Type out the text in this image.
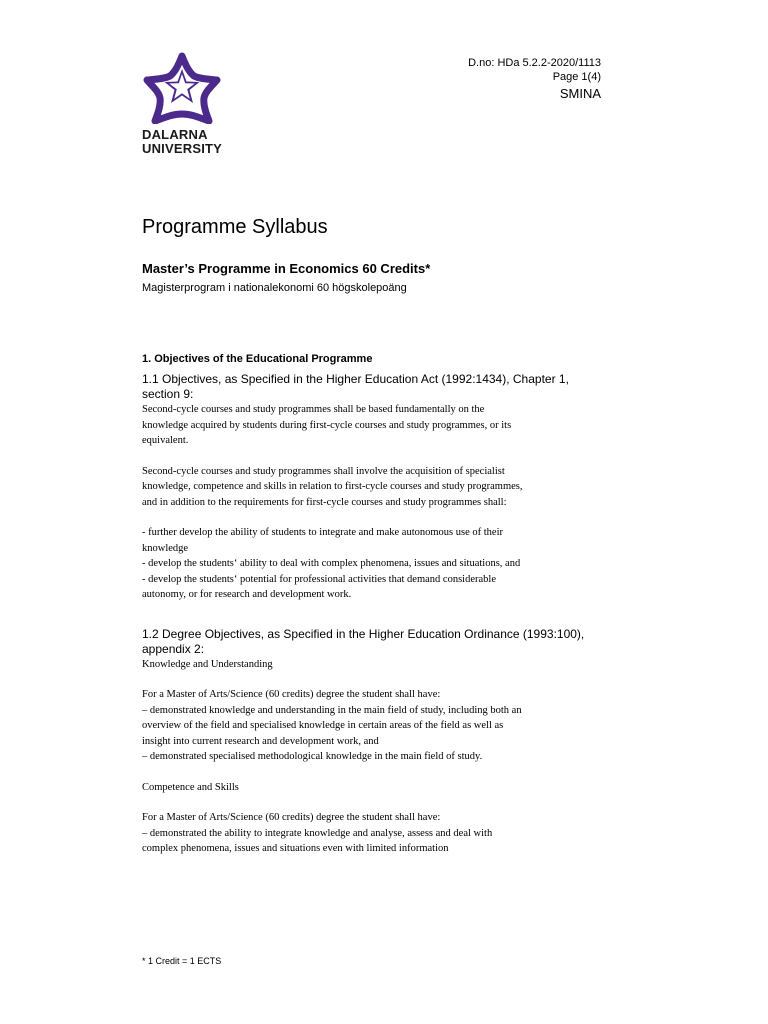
DALARNA
UNIVERSITY
D.no: HDa 5.2.2-2020/1113
Page 1(4)
SMINA
Programme Syllabus

Master’s Programme in Economics 60 Credits*

Magisterprogram i nationalekonomi 60 högskolepoäng

1. Objectives of the Educational Programme

1.1 Objectives, as Specified in the Higher Education Act (1992:1434), Chapter 1,

section 9:

Second-cycle courses and study programmes shall be based fundamentally on the

knowledge acquired by students during first-cycle courses and study programmes, or its

equivalent.

Second-cycle courses and study programmes shall involve the acquisition of specialist

knowledge, competence and skills in relation to first-cycle courses and study programmes,

and in addition to the requirements for first-cycle courses and study programmes shall:

- further develop the ability of students to integrate and make autonomous use of their

knowledge

- develop the students‘ ability to deal with complex phenomena, issues and situations, and

- develop the students‘ potential for professional activities that demand considerable

autonomy, or for research and development work.

1.2 Degree Objectives, as Specified in the Higher Education Ordinance (1993:100),

appendix 2:

Knowledge and Understanding

For a Master of Arts/Science (60 credits) degree the student shall have:

– demonstrated knowledge and understanding in the main field of study, including both an

overview of the field and specialised knowledge in certain areas of the field as well as

insight into current research and development work, and

– demonstrated specialised methodological knowledge in the main field of study.

Competence and Skills

For a Master of Arts/Science (60 credits) degree the student shall have:

– demonstrated the ability to integrate knowledge and analyse, assess and deal with

complex phenomena, issues and situations even with limited information

* 1 Credit = 1 ECTS
